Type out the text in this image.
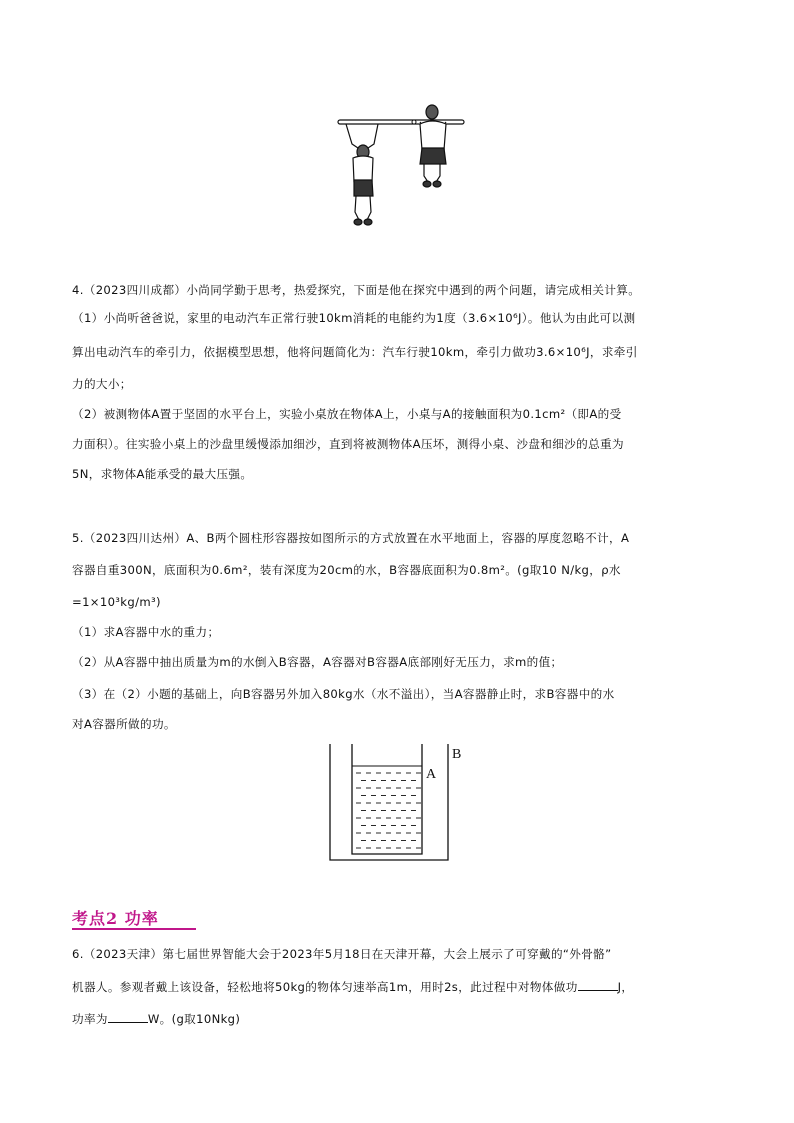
4.（2023四川成都）小尚同学勤于思考，热爱探究，下面是他在探究中遇到的两个问题，请完成相关计算。
（1）小尚听爸爸说，家里的电动汽车正常行驶10km消耗的电能约为1度（3.6×10⁶J）。他认为由此可以测
算出电动汽车的牵引力，依据模型思想，他将问题简化为：汽车行驶10km，牵引力做功3.6×10⁶J，求牵引
力的大小；
（2）被测物体A置于坚固的水平台上，实验小桌放在物体A上，小桌与A的接触面积为0.1cm²（即A的受
力面积）。往实验小桌上的沙盘里缓慢添加细沙，直到将被测物体A压坏，测得小桌、沙盘和细沙的总重为
5N，求物体A能承受的最大压强。
5.（2023四川达州）A、B两个圆柱形容器按如图所示的方式放置在水平地面上，容器的厚度忽略不计，A
容器自重300N，底面积为0.6m²，装有深度为20cm的水，B容器底面积为0.8m²。(g取10 N/kg，ρ水
=1×10³kg/m³)
（1）求A容器中水的重力；
（2）从A容器中抽出质量为m的水倒入B容器，A容器对B容器A底部刚好无压力，求m的值；
（3）在（2）小题的基础上，向B容器另外加入80kg水（水不溢出），当A容器静止时，求B容器中的水
对A容器所做的功。
A
B
考点2 功率
6.（2023天津）第七届世界智能大会于2023年5月18日在天津开幕，大会上展示了可穿戴的“外骨骼”
机器人。参观者戴上该设备，轻松地将50kg的物体匀速举高1m，用时2s，此过程中对物体做功	J，
功率为	W。(g取10Nkg)
